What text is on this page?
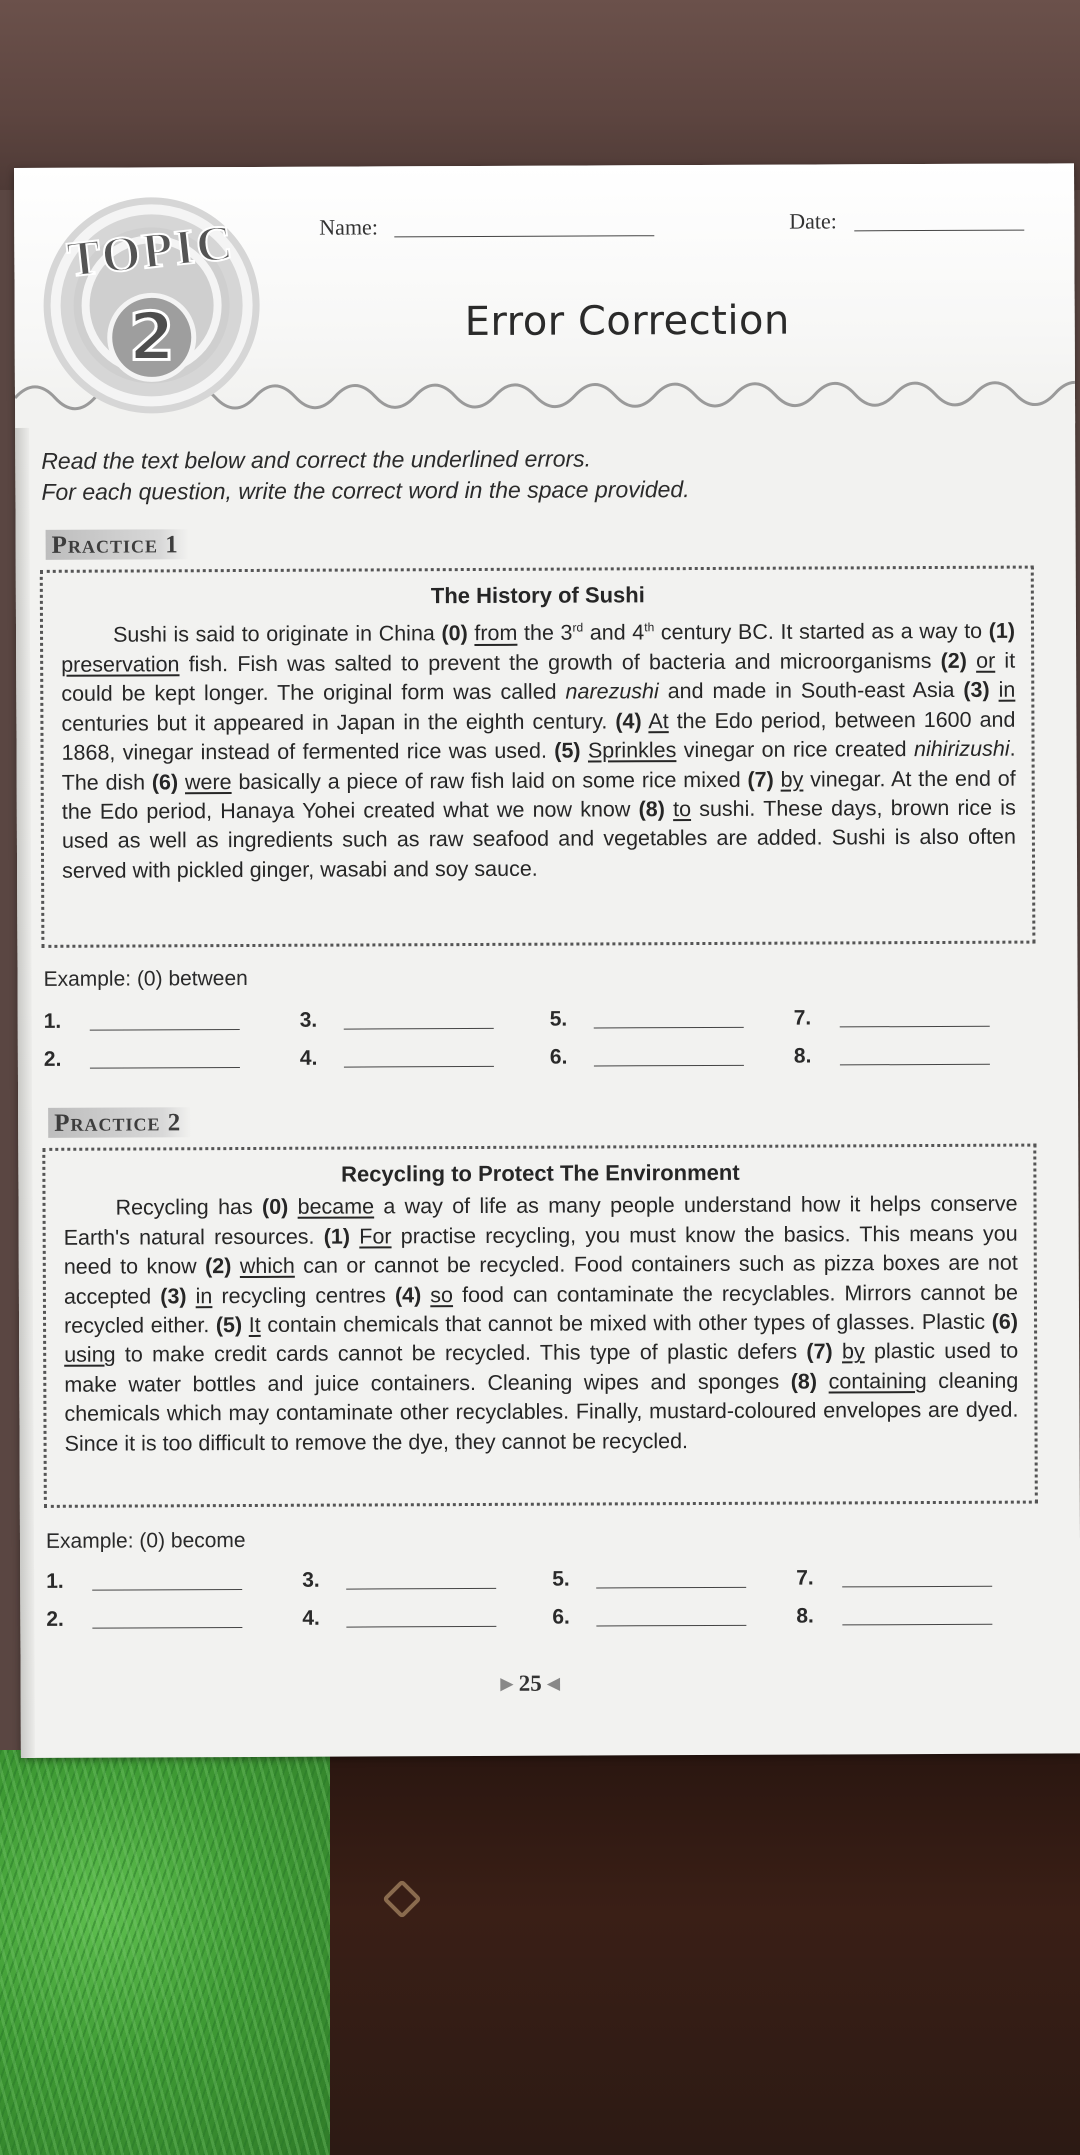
TOPIC
2
Name:	Date:
Error Correction
Read the text below and correct the underlined errors.
For each question, write the correct word in the space provided.
Practice 1
The History of Sushi

Sushi is said to originate in China (0) from the 3rd and 4th century BC. It started as a way to (1) preservation fish. Fish was salted to prevent the growth of bacteria and microorganisms (2) or it could be kept longer. The original form was called narezushi and made in South-east Asia (3) in centuries but it appeared in Japan in the eighth century. (4) At the Edo period, between 1600 and 1868, vinegar instead of fermented rice was used. (5) Sprinkles vinegar on rice created nihirizushi. The dish (6) were basically a piece of raw fish laid on some rice mixed (7) by vinegar. At the end of the Edo period, Hanaya Yohei created what we now know (8) to sushi. These days, brown rice is used as well as ingredients such as raw seafood and vegetables are added. Sushi is also often served with pickled ginger, wasabi and soy sauce.

Example: (0) between
1.
2.
3.
4.
5.
6.
7.
8.
Practice 2
Recycling to Protect The Environment

Recycling has (0) became a way of life as many people understand how it helps conserve Earth's natural resources. (1) For practise recycling, you must know the basics. This means you need to know (2) which can or cannot be recycled. Food containers such as pizza boxes are not accepted (3) in recycling centres (4) so food can contaminate the recyclables. Mirrors cannot be recycled either. (5) It contain chemicals that cannot be mixed with other types of glasses. Plastic (6) using to make credit cards cannot be recycled. This type of plastic defers (7) by plastic used to make water bottles and juice containers. Cleaning wipes and sponges (8) containing cleaning chemicals which may contaminate other recyclables. Finally, mustard-coloured envelopes are dyed. Since it is too difficult to remove the dye, they cannot be recycled.

Example: (0) become
1.
2.
3.
4.
5.
6.
7.
8.
▶ 25 ◀
